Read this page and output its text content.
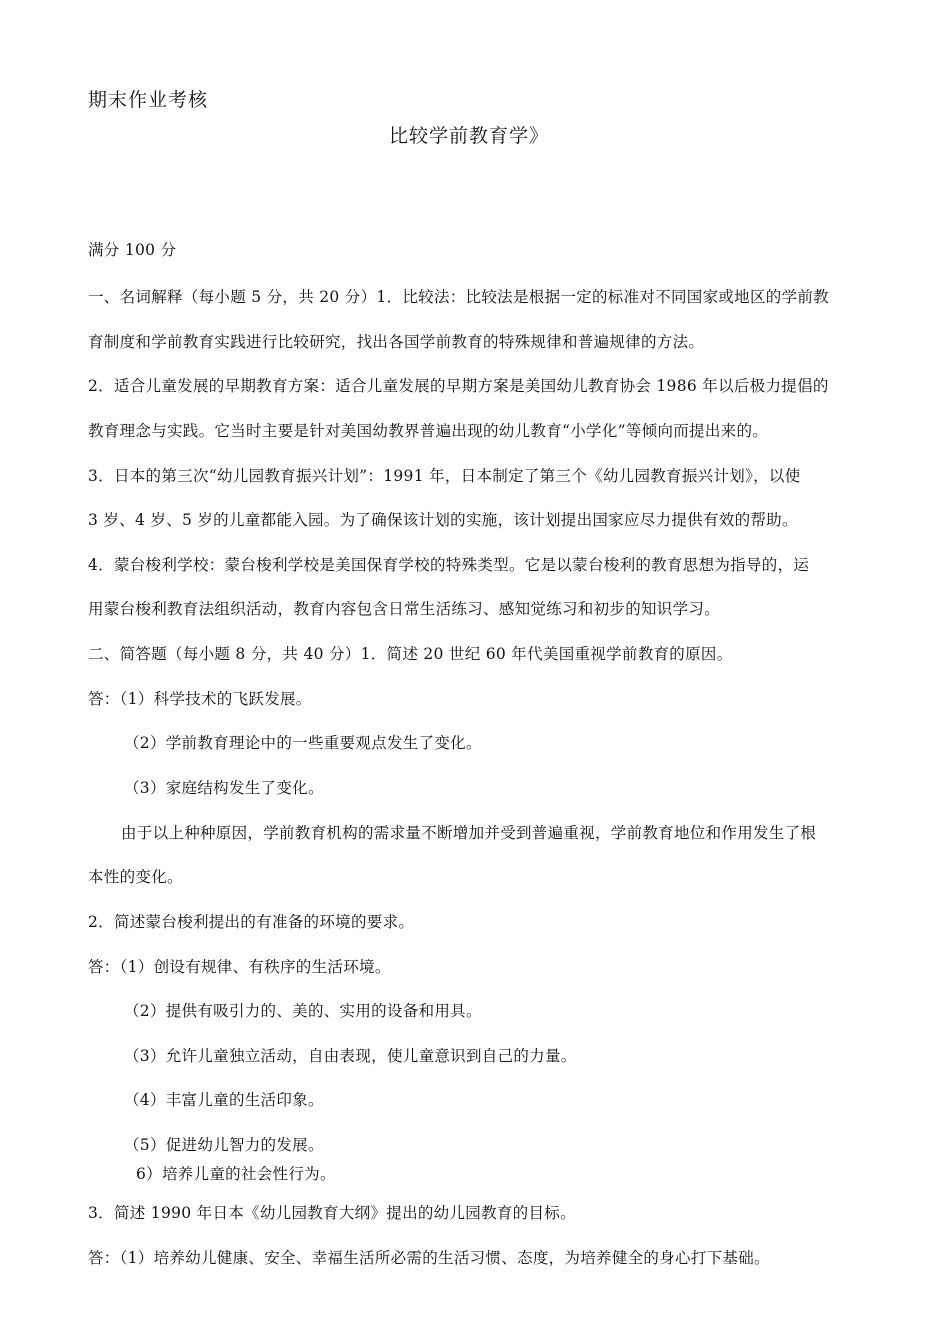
期末作业考核
比较学前教育学》
满分 100 分
一、名词解释（每小题 5 分，共 20 分）1．比较法：比较法是根据一定的标准对不同国家或地区的学前教
育制度和学前教育实践进行比较研究，找出各国学前教育的特殊规律和普遍规律的方法。
2．适合儿童发展的早期教育方案：适合儿童发展的早期方案是美国幼儿教育协会 1986 年以后极力提倡的
教育理念与实践。它当时主要是针对美国幼教界普遍出现的幼儿教育“小学化”等倾向而提出来的。
3．日本的第三次“幼儿园教育振兴计划”：1991 年，日本制定了第三个《幼儿园教育振兴计划》，以使
3 岁、4 岁、5 岁的儿童都能入园。为了确保该计划的实施，该计划提出国家应尽力提供有效的帮助。
4．蒙台梭利学校：蒙台梭利学校是美国保育学校的特殊类型。它是以蒙台梭利的教育思想为指导的，运
用蒙台梭利教育法组织活动，教育内容包含日常生活练习、感知觉练习和初步的知识学习。
二、简答题（每小题 8 分，共 40 分）1．简述 20 世纪 60 年代美国重视学前教育的原因。
答：（1）科学技术的飞跃发展。
（2）学前教育理论中的一些重要观点发生了变化。
（3）家庭结构发生了变化。
由于以上种种原因，学前教育机构的需求量不断增加并受到普遍重视，学前教育地位和作用发生了根
本性的变化。
2．简述蒙台梭利提出的有准备的环境的要求。
答：（1）创设有规律、有秩序的生活环境。
（2）提供有吸引力的、美的、实用的设备和用具。
（3）允许儿童独立活动，自由表现，使儿童意识到自己的力量。
（4）丰富儿童的生活印象。
（5）促进幼儿智力的发展。
6）培养儿童的社会性行为。
3．简述 1990 年日本《幼儿园教育大纲》提出的幼儿园教育的目标。
答：（1）培养幼儿健康、安全、幸福生活所必需的生活习惯、态度，为培养健全的身心打下基础。
